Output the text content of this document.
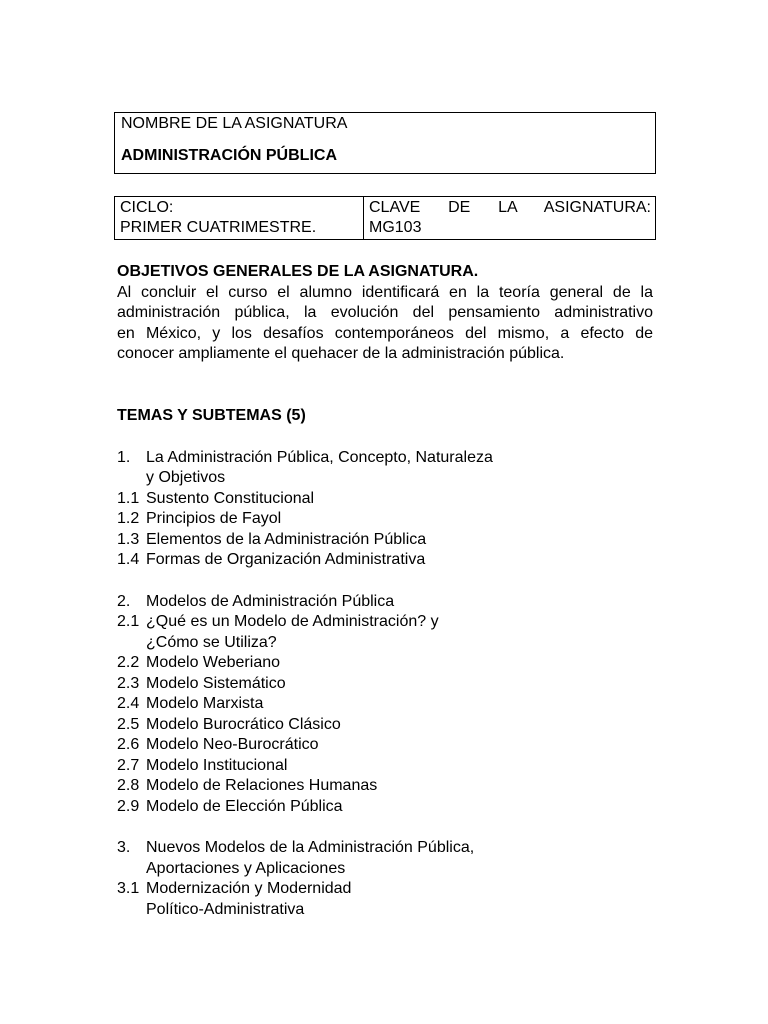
NOMBRE DE LA ASIGNATURA
ADMINISTRACIÓN PÚBLICA
CICLO:
PRIMER CUATRIMESTRE.
CLAVE DE LA ASIGNATURA:
MG103
OBJETIVOS GENERALES DE LA ASIGNATURA.
Al concluir el curso el alumno identificará en la teoría general de la
administración pública, la evolución del pensamiento administrativo
en México, y los desafíos contemporáneos del mismo, a efecto de
conocer ampliamente el quehacer de la administración pública.
TEMAS Y SUBTEMAS (5)
1. La Administración Pública, Concepto, Naturaleza
y Objetivos
1.1 Sustento Constitucional
1.2 Principios de Fayol
1.3 Elementos de la Administración Pública
1.4 Formas de Organización Administrativa
2. Modelos de Administración Pública
2.1 ¿Qué es un Modelo de Administración? y
¿Cómo se Utiliza?
2.2 Modelo Weberiano
2.3 Modelo Sistemático
2.4 Modelo Marxista
2.5 Modelo Burocrático Clásico
2.6 Modelo Neo-Burocrático
2.7 Modelo Institucional
2.8 Modelo de Relaciones Humanas
2.9 Modelo de Elección Pública
3. Nuevos Modelos de la Administración Pública,
Aportaciones y Aplicaciones
3.1 Modernización y Modernidad
Político-Administrativa
